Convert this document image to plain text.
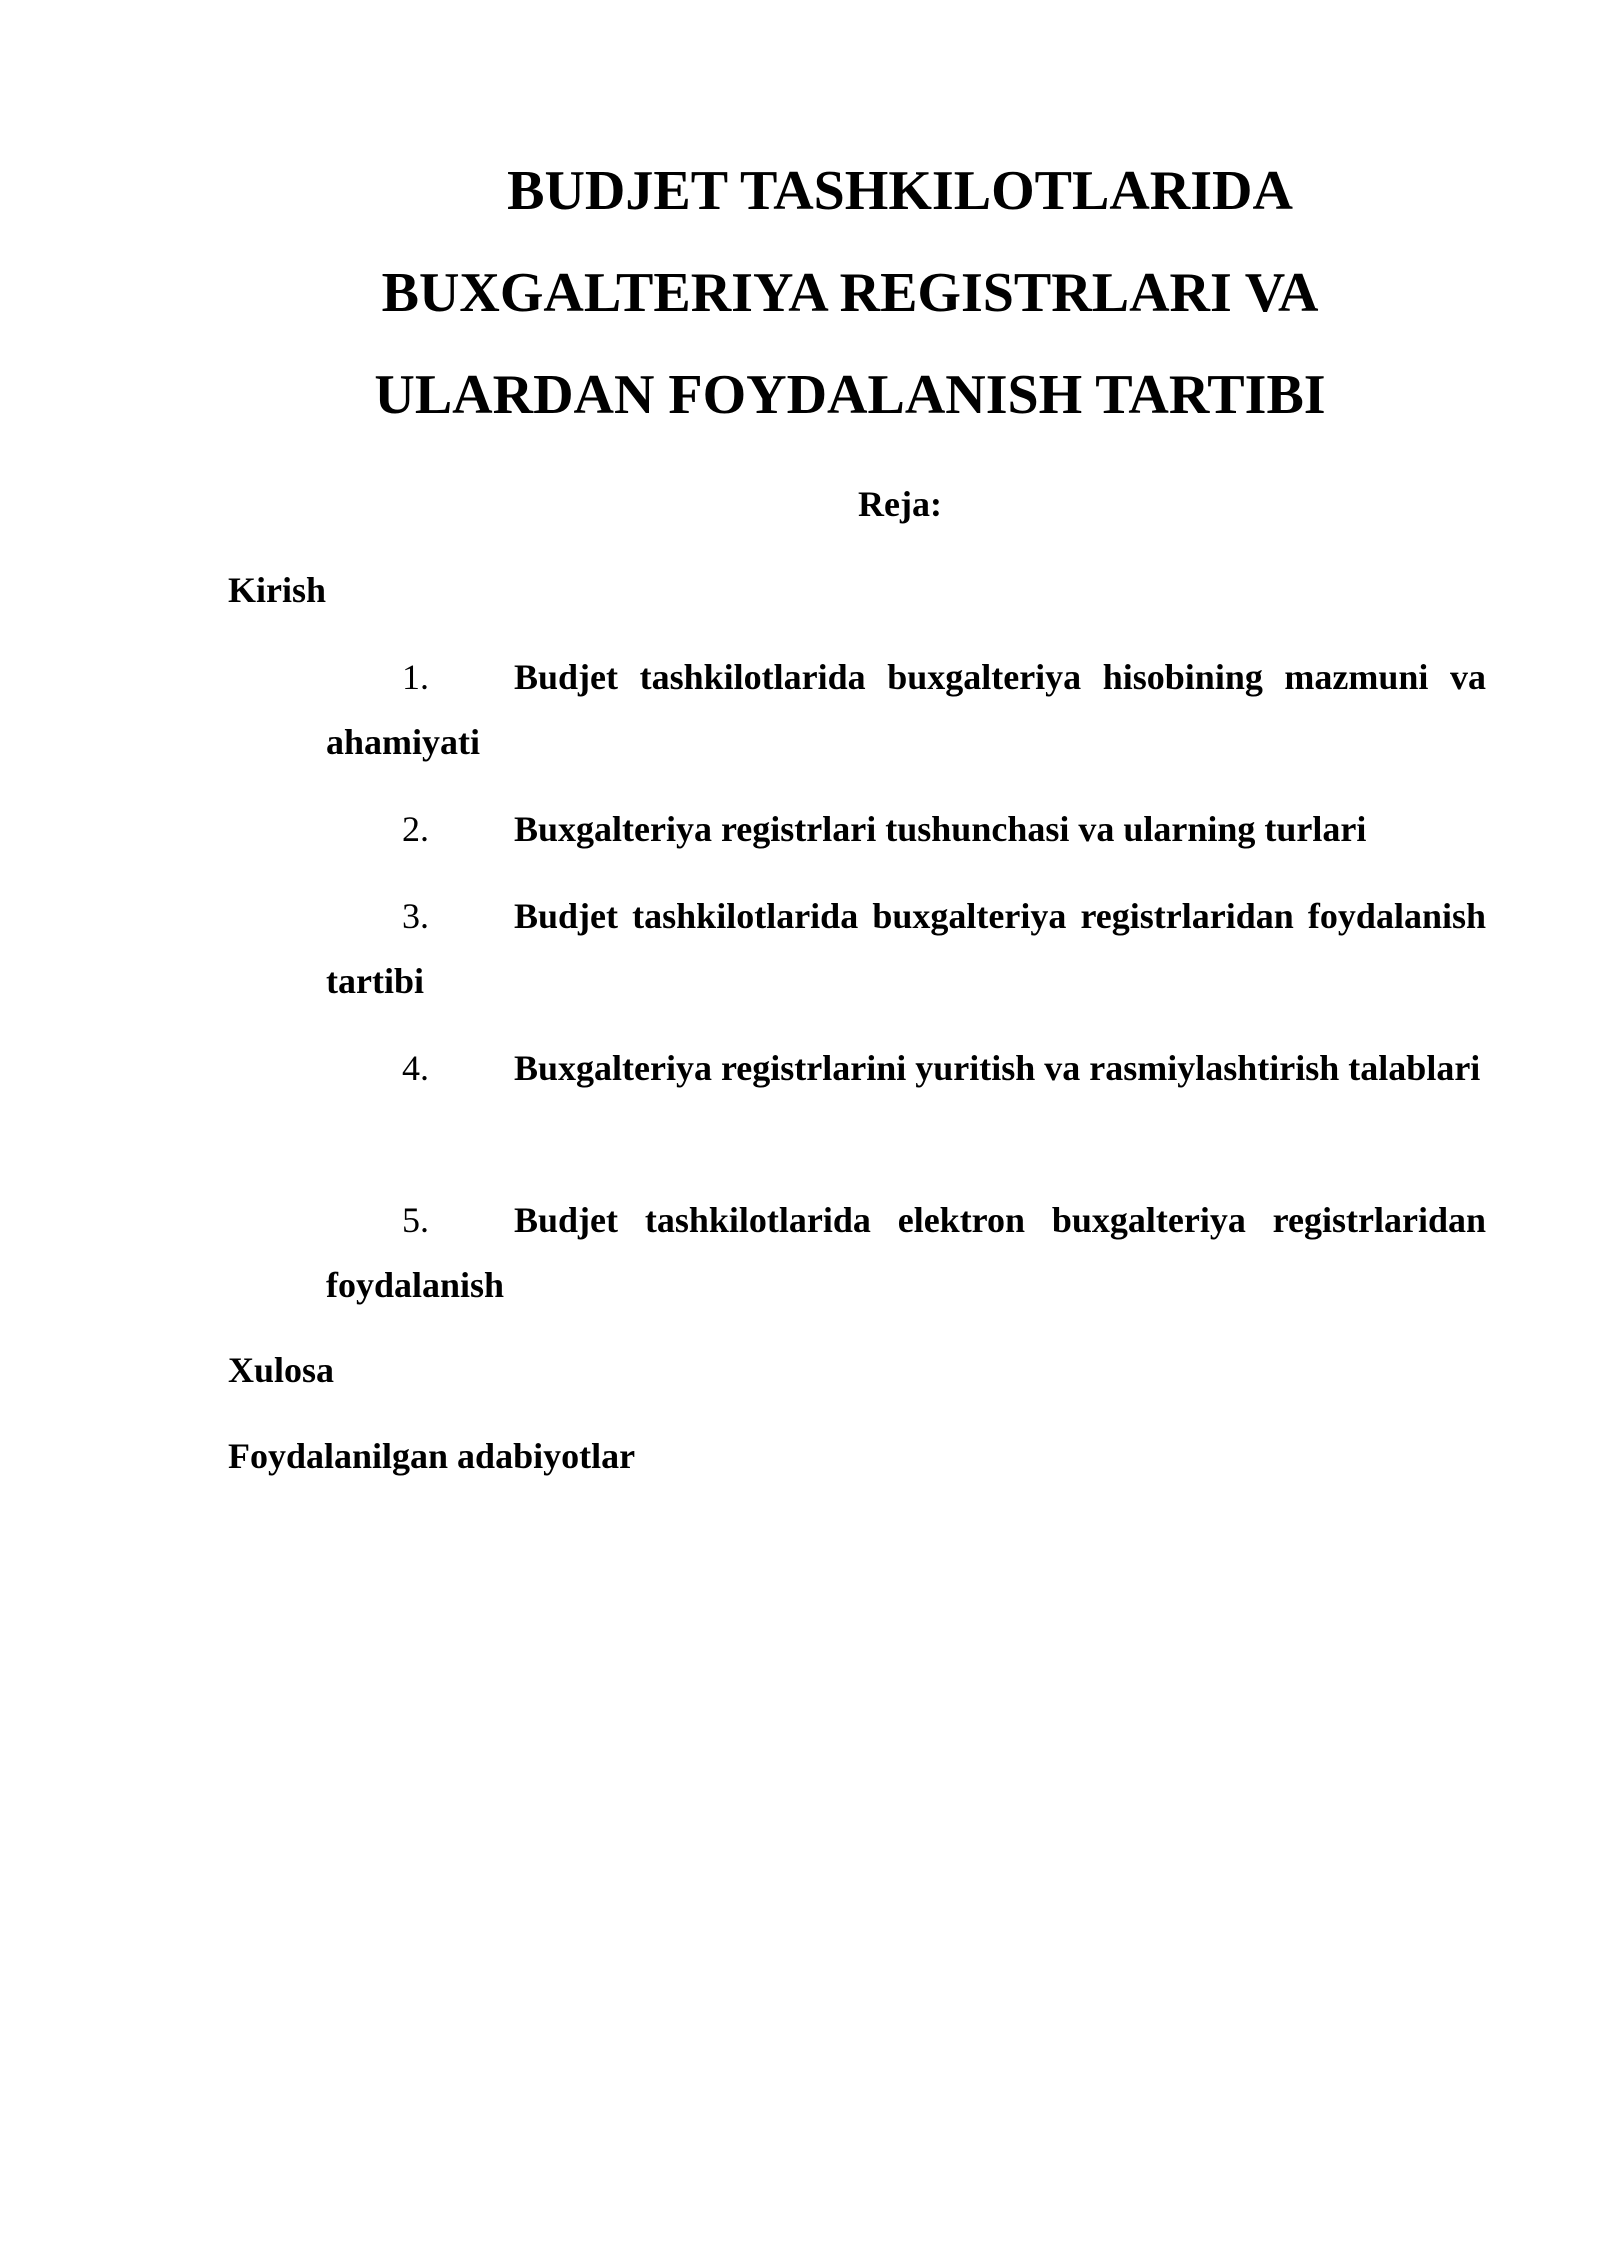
BUDJET TASHKILOTLARIDA
BUXGALTERIYA REGISTRLARI VA
ULARDAN FOYDALANISH TARTIBI

Reja:

Kirish

1.	Budjet tashkilotlarida buxgalteriya hisobining mazmuni va ahamiyati
2.	Buxgalteriya registrlari tushunchasi va ularning turlari
3.	Budjet tashkilotlarida buxgalteriya registrlaridan foydalanish tartibi
4.	Buxgalteriya registrlarini yuritish va rasmiylashtirish talablari
5.	Budjet tashkilotlarida elektron buxgalteriya registrlaridan foydalanish

Xulosa

Foydalanilgan adabiyotlar
